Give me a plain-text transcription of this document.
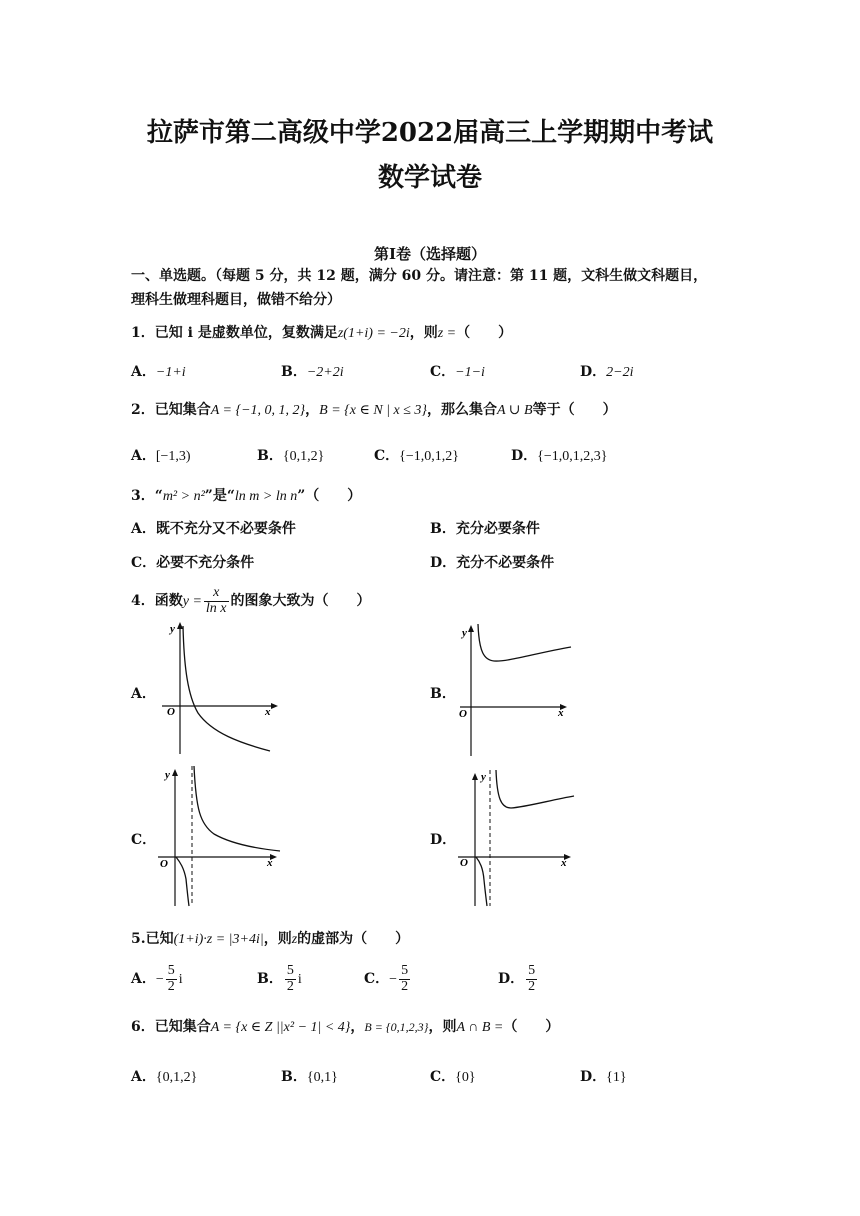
拉萨市第二高级中学2022届高三上学期期中考试
数学试卷
第Ⅰ卷（选择题）
一、单选题。（每题 5 分，共 12 题，满分 60 分。请注意：第 11 题，文科生做文科题目，
理科生做理科题目，做错不给分）
1．已知 i 是虚数单位，复数满足z(1+i) = −2i，则z =（　　）
A．−1+i	B．−2+2i	C．−1−i	D．2−2i
2．已知集合A = {−1, 0, 1, 2}，B = {x ∈ N | x ≤ 3}，那么集合A ∪ B等于（　　）
A．[−1,3)	B．{0,1,2}	C．{−1,0,1,2}	D．{−1,0,1,2,3}
3．“m² > n²”是“ln m > ln n”（　　）
A．既不充分又不必要条件	B．充分必要条件
C．必要不充分条件	D．充分不必要条件
4．函数$y = \frac{x}{\text{ln x}}$ 的图象大致为（　　）
A．	B．
C．	D．
y
O	x
y
O	x
y
O	x
y
O	x
5.已知(1+i)·z = |3+4i|，则z的虚部为（　　）
A．− $\frac{5}{2}$ i	B． $\frac{5}{2}$ i	C．− $\frac{5}{2}$	D． $\frac{5}{2}$
6．已知集合A = {x ∈ Z ||x² − 1| < 4}，B = {0,1,2,3}，则A ∩ B =（　　）
A．{0,1,2}	B．{0,1}	C．{0}	D．{1}
